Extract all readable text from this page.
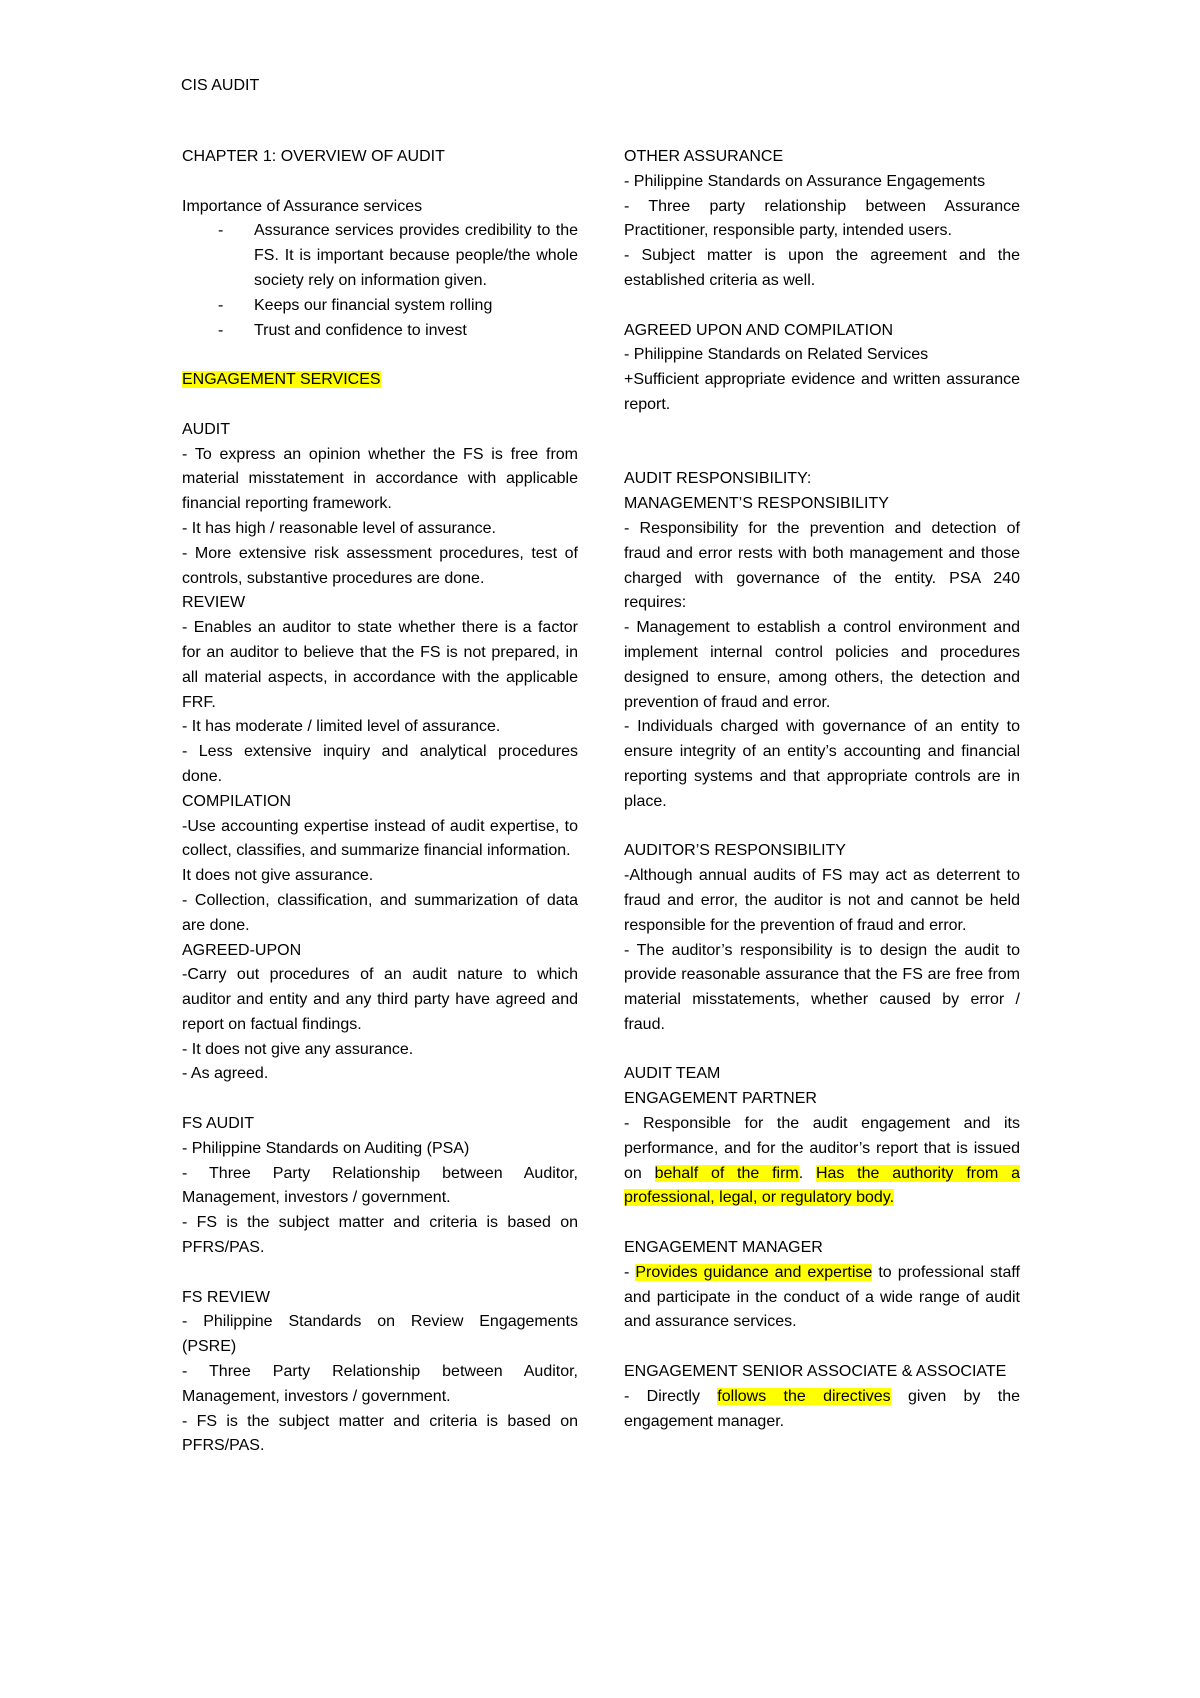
CIS AUDIT

CHAPTER 1: OVERVIEW OF AUDIT

Importance of Assurance services

- Assurance services provides credibility to the FS. It is important because people/the whole society rely on information given.
- Keeps our financial system rolling
- Trust and confidence to invest

ENGAGEMENT SERVICES

AUDIT

- To express an opinion whether the FS is free from material misstatement in accordance with applicable financial reporting framework.

- It has high / reasonable level of assurance.

- More extensive risk assessment procedures, test of controls, substantive procedures are done.

REVIEW

- Enables an auditor to state whether there is a factor for an auditor to believe that the FS is not prepared, in all material aspects, in accordance with the applicable FRF.

- It has moderate / limited level of assurance.

- Less extensive inquiry and analytical procedures done.

COMPILATION

-Use accounting expertise instead of audit expertise, to collect, classifies, and summarize financial information.

It does not give assurance.

- Collection, classification, and summarization of data are done.

AGREED-UPON

-Carry out procedures of an audit nature to which auditor and entity and any third party have agreed and report on factual findings.

- It does not give any assurance.

- As agreed.

FS AUDIT

- Philippine Standards on Auditing (PSA)

- Three Party Relationship between Auditor, Management, investors / government.

- FS is the subject matter and criteria is based on PFRS/PAS.

FS REVIEW

- Philippine Standards on Review Engagements (PSRE)

- Three Party Relationship between Auditor, Management, investors / government.

- FS is the subject matter and criteria is based on PFRS/PAS.

OTHER ASSURANCE

- Philippine Standards on Assurance Engagements

- Three party relationship between Assurance Practitioner, responsible party, intended users.

- Subject matter is upon the agreement and the established criteria as well.

AGREED UPON AND COMPILATION

- Philippine Standards on Related Services

+Sufficient appropriate evidence and written assurance report.

AUDIT RESPONSIBILITY:

MANAGEMENT’S RESPONSIBILITY

- Responsibility for the prevention and detection of fraud and error rests with both management and those charged with governance of the entity. PSA 240 requires:

- Management to establish a control environment and implement internal control policies and procedures designed to ensure, among others, the detection and prevention of fraud and error.

- Individuals charged with governance of an entity to ensure integrity of an entity’s accounting and financial reporting systems and that appropriate controls are in place.

AUDITOR’S RESPONSIBILITY

-Although annual audits of FS may act as deterrent to fraud and error, the auditor is not and cannot be held responsible for the prevention of fraud and error.

- The auditor’s responsibility is to design the audit to provide reasonable assurance that the FS are free from material misstatements, whether caused by error / fraud.

AUDIT TEAM

ENGAGEMENT PARTNER

- Responsible for the audit engagement and its performance, and for the auditor’s report that is issued on behalf of the firm. Has the authority from a professional, legal, or regulatory body.

ENGAGEMENT MANAGER

- Provides guidance and expertise to professional staff and participate in the conduct of a wide range of audit and assurance services.

ENGAGEMENT SENIOR ASSOCIATE & ASSOCIATE

- Directly follows the directives given by the engagement manager.
